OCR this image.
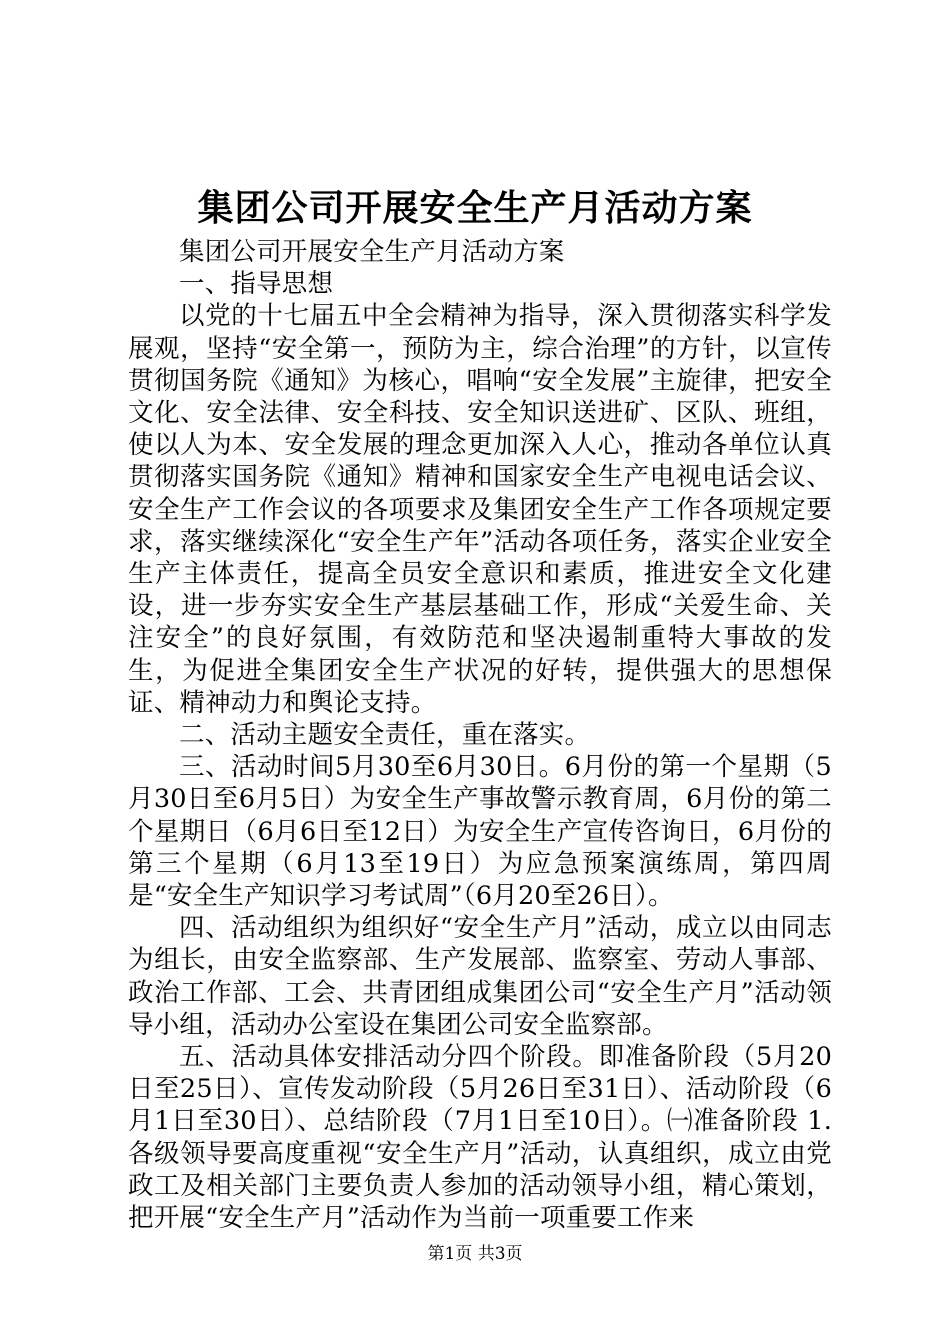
集团公司开展安全生产月活动方案

集团公司开展安全生产月活动方案

一、指导思想

以党的十七届五中全会精神为指导，深入贯彻落实科学发展观，坚持“安全第一，预防为主，综合治理”的方针，以宣传贯彻国务院《通知》为核心，唱响“安全发展”主旋律，把安全文化、安全法律、安全科技、安全知识送进矿、区队、班组，使以人为本、安全发展的理念更加深入人心，推动各单位认真贯彻落实国务院《通知》精神和国家安全生产电视电话会议、安全生产工作会议的各项要求及集团安全生产工作各项规定要求，落实继续深化“安全生产年”活动各项任务，落实企业安全生产主体责任，提高全员安全意识和素质，推进安全文化建设，进一步夯实安全生产基层基础工作，形成“关爱生命、关注安全”的良好氛围，有效防范和坚决遏制重特大事故的发生，为促进全集团安全生产状况的好转，提供强大的思想保证、精神动力和舆论支持。

二、活动主题安全责任，重在落实。

三、活动时间5月30至6月30日。6月份的第一个星期（5月30日至6月5日）为安全生产事故警示教育周，6月份的第二个星期日（6月6日至12日）为安全生产宣传咨询日，6月份的第三个星期（6月13至19日）为应急预案演练周，第四周是“安全生产知识学习考试周”（6月20至26日）。

四、活动组织为组织好“安全生产月”活动，成立以由同志为组长，由安全监察部、生产发展部、监察室、劳动人事部、政治工作部、工会、共青团组成集团公司“安全生产月”活动领导小组，活动办公室设在集团公司安全监察部。

五、活动具体安排活动分四个阶段。即准备阶段（5月20日至25日）、宣传发动阶段（5月26日至31日）、活动阶段（6月1日至30日）、总结阶段（7月1日至10日）。㈠准备阶段 1.各级领导要高度重视“安全生产月”活动，认真组织，成立由党政工及相关部门主要负责人参加的活动领导小组，精心策划，把开展“安全生产月”活动作为当前一项重要工作来

第1页 共3页
